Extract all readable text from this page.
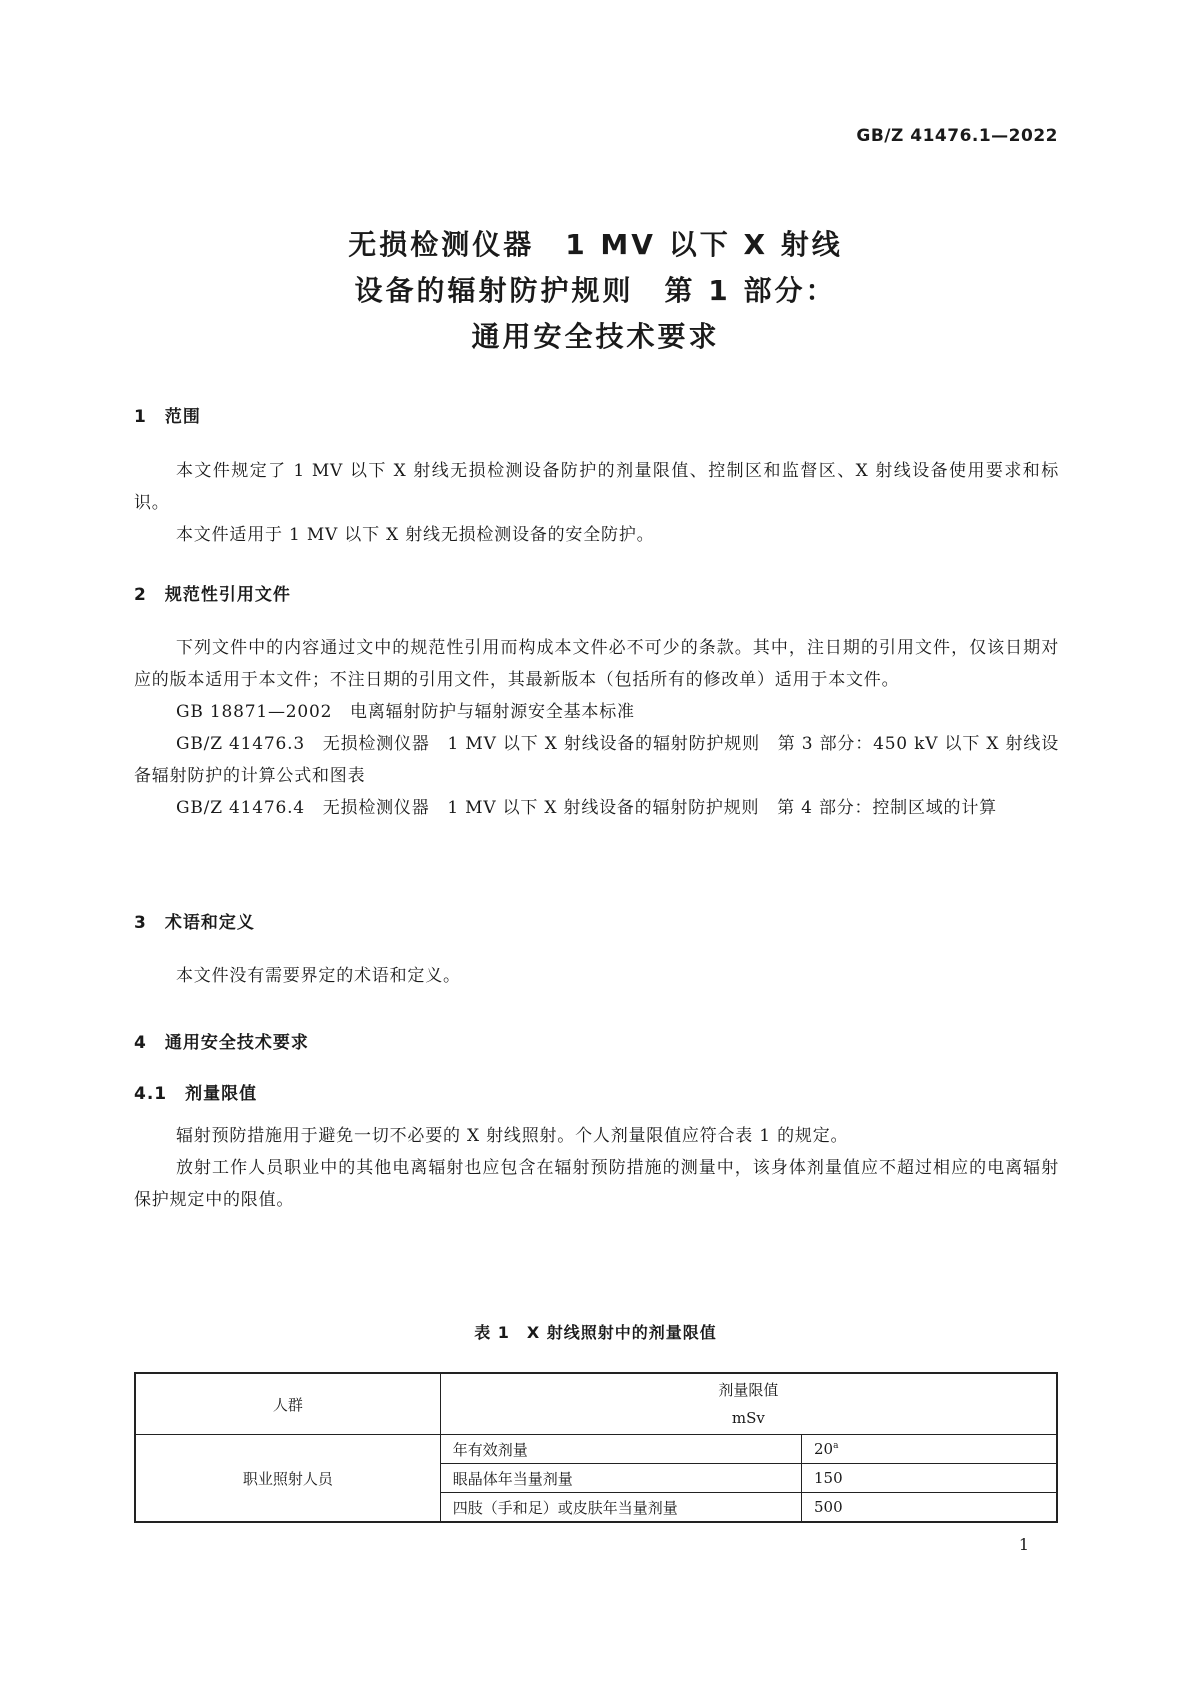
GB/Z 41476.1—2022
无损检测仪器　1 MV 以下 X 射线
设备的辐射防护规则　第 1 部分：
通用安全技术要求
1　范围
本文件规定了 1 MV 以下 X 射线无损检测设备防护的剂量限值、控制区和监督区、X 射线设备使用要求和标识。
本文件适用于 1 MV 以下 X 射线无损检测设备的安全防护。
2　规范性引用文件
下列文件中的内容通过文中的规范性引用而构成本文件必不可少的条款。其中，注日期的引用文件，仅该日期对应的版本适用于本文件；不注日期的引用文件，其最新版本（包括所有的修改单）适用于本文件。
GB 18871—2002　电离辐射防护与辐射源安全基本标准
GB/Z 41476.3　无损检测仪器　1 MV 以下 X 射线设备的辐射防护规则　第 3 部分：450 kV 以下 X 射线设备辐射防护的计算公式和图表
GB/Z 41476.4　无损检测仪器　1 MV 以下 X 射线设备的辐射防护规则　第 4 部分：控制区域的计算
3　术语和定义
本文件没有需要界定的术语和定义。
4　通用安全技术要求
4.1　剂量限值
辐射预防措施用于避免一切不必要的 X 射线照射。个人剂量限值应符合表 1 的规定。
放射工作人员职业中的其他电离辐射也应包含在辐射预防措施的测量中，该身体剂量值应不超过相应的电离辐射保护规定中的限值。
表 1　X 射线照射中的剂量限值
人群	剂量限值
mSv	

职业照射人员	年有效剂量	20$^a$
	眼晶体年当量剂量	150
	四肢（手和足）或皮肤年当量剂量	500
1
